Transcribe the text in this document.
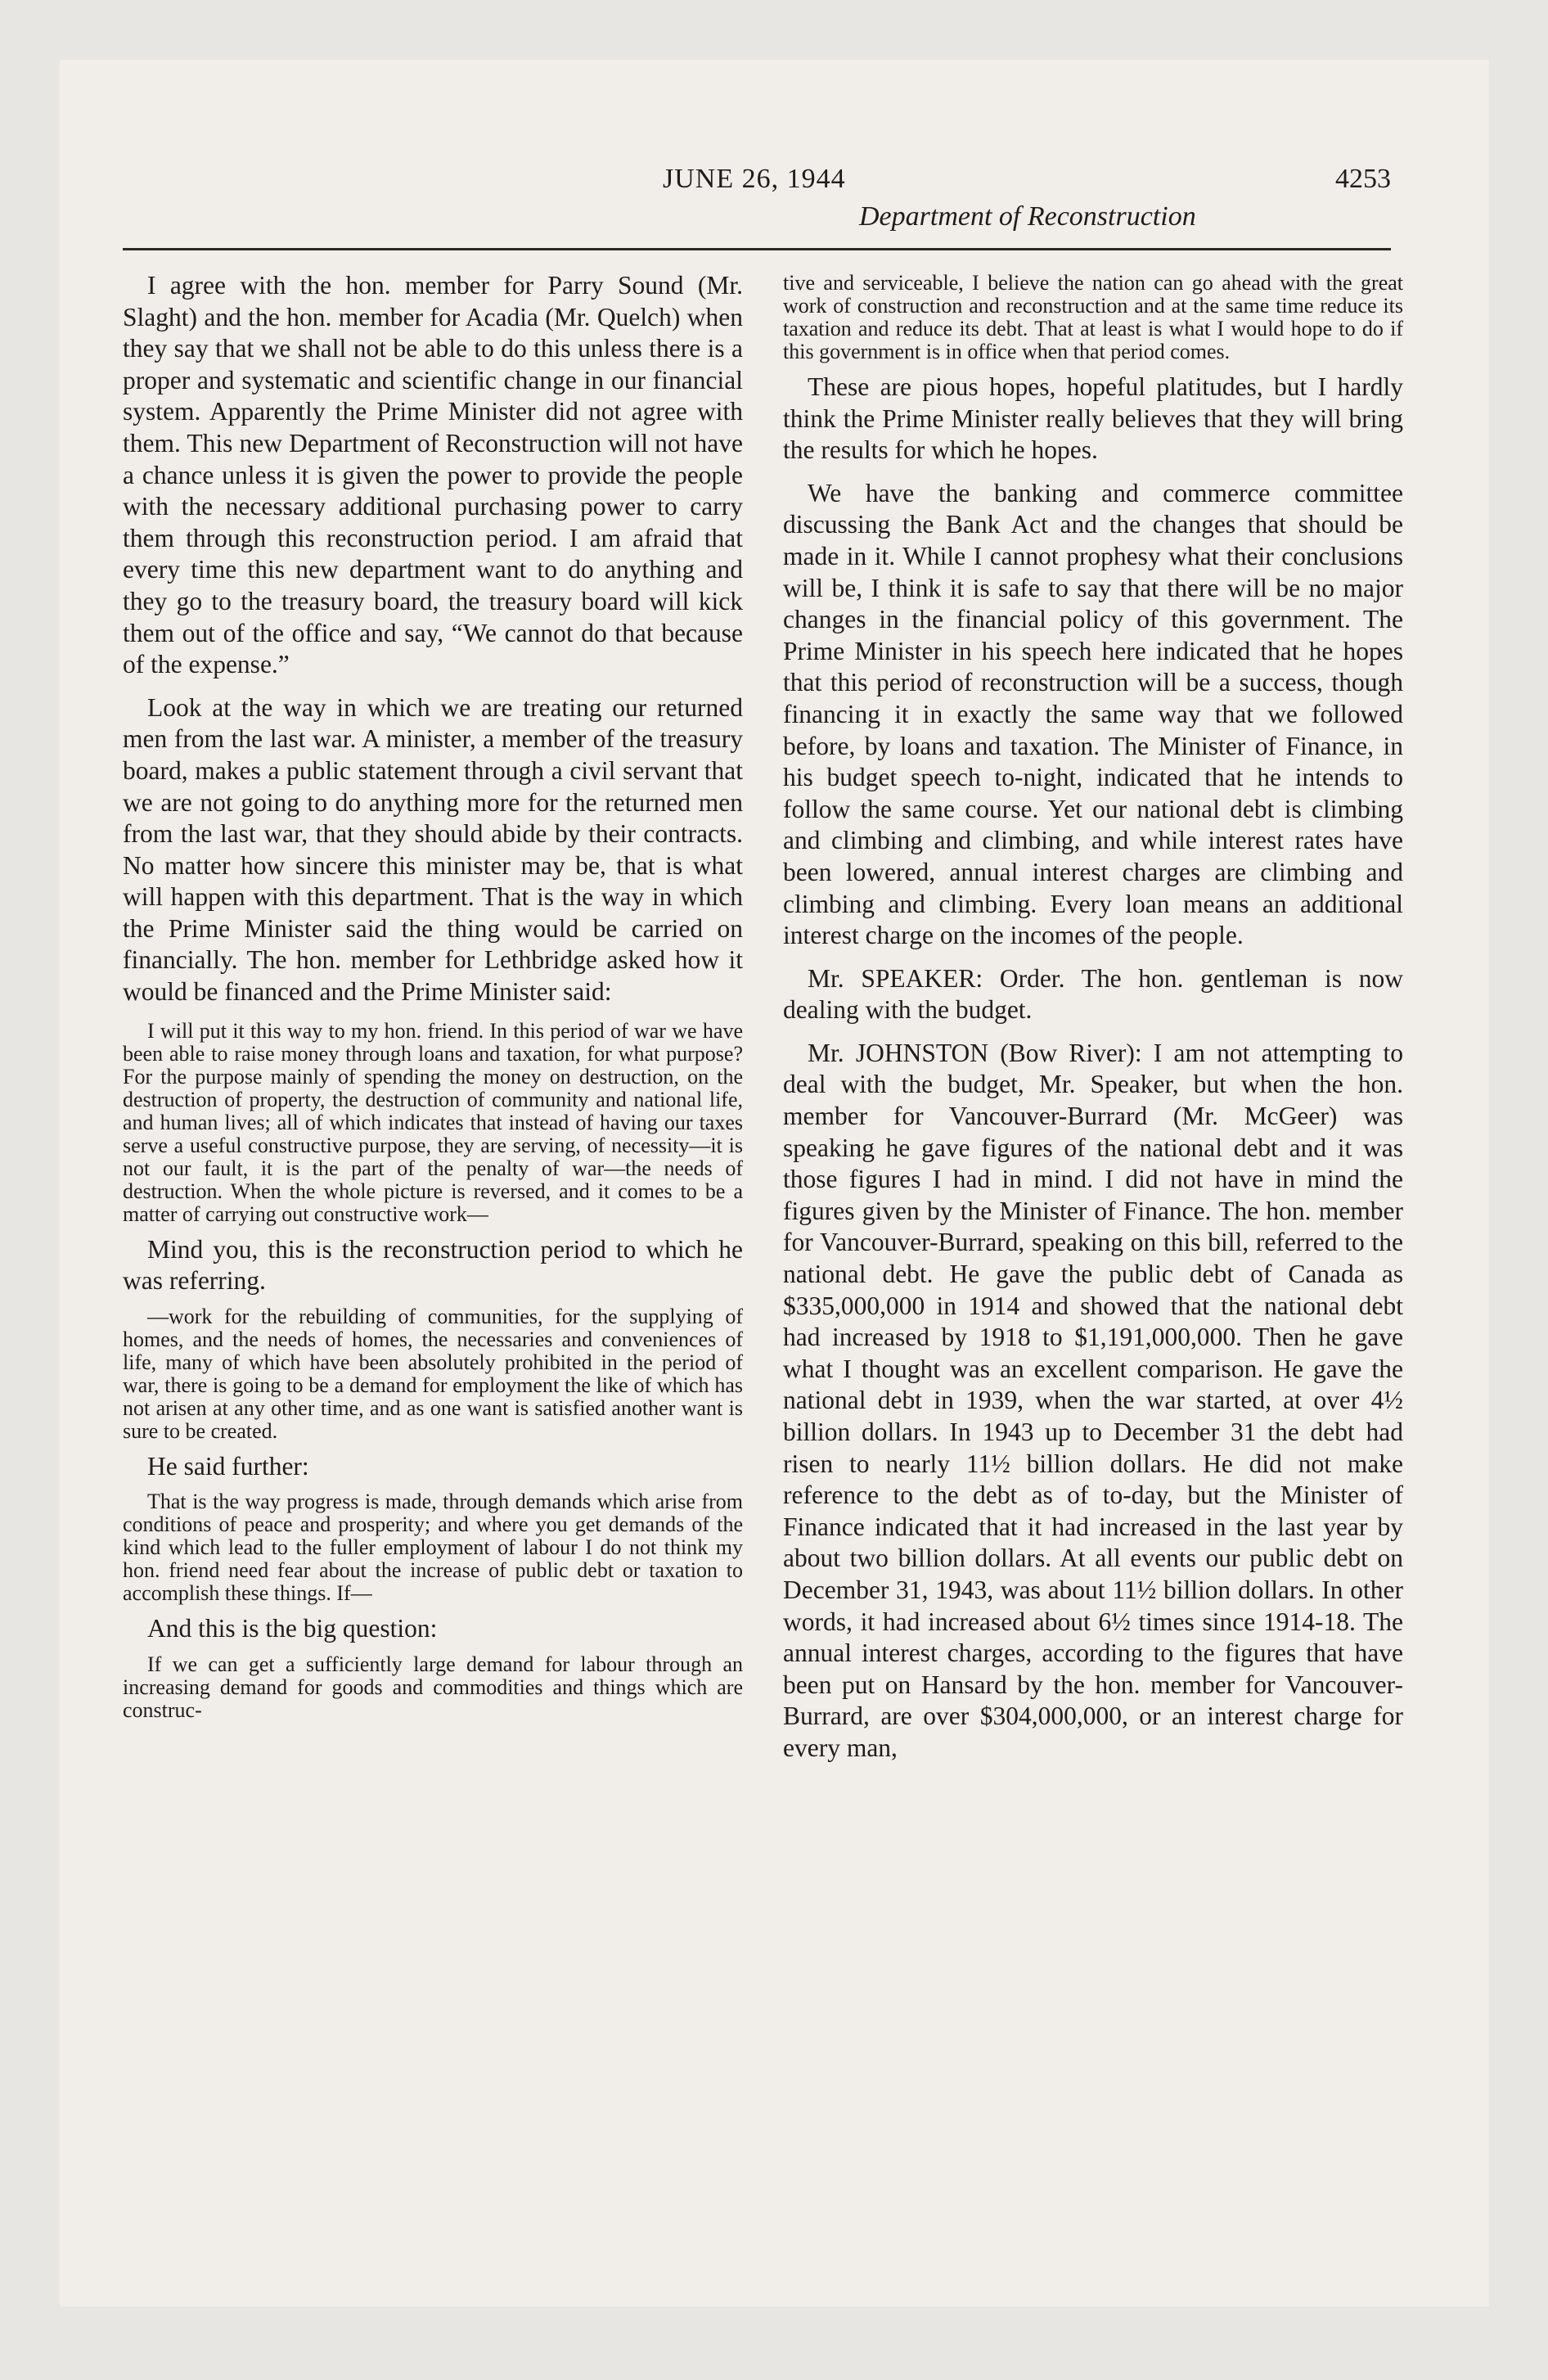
JUNE 26, 1944	4253
Department of Reconstruction

I agree with the hon. member for Parry Sound (Mr. Slaght) and the hon. member for Acadia (Mr. Quelch) when they say that we shall not be able to do this unless there is a proper and systematic and scientific change in our financial system. Apparently the Prime Minister did not agree with them. This new Department of Reconstruction will not have a chance unless it is given the power to provide the people with the necessary additional purchasing power to carry them through this reconstruction period. I am afraid that every time this new department want to do anything and they go to the treasury board, the treasury board will kick them out of the office and say, “We cannot do that because of the expense.”

Look at the way in which we are treating our returned men from the last war. A minister, a member of the treasury board, makes a public statement through a civil servant that we are not going to do anything more for the returned men from the last war, that they should abide by their contracts. No matter how sincere this minister may be, that is what will happen with this department. That is the way in which the Prime Minister said the thing would be carried on financially. The hon. member for Lethbridge asked how it would be financed and the Prime Minister said:

I will put it this way to my hon. friend. In this period of war we have been able to raise money through loans and taxation, for what purpose? For the purpose mainly of spending the money on destruction, on the destruction of property, the destruction of community and national life, and human lives; all of which indicates that instead of having our taxes serve a useful constructive purpose, they are serving, of necessity—it is not our fault, it is the part of the penalty of war—the needs of destruction. When the whole picture is reversed, and it comes to be a matter of carrying out constructive work—

Mind you, this is the reconstruction period to which he was referring.

—work for the rebuilding of communities, for the supplying of homes, and the needs of homes, the necessaries and conveniences of life, many of which have been absolutely prohibited in the period of war, there is going to be a demand for employment the like of which has not arisen at any other time, and as one want is satisfied another want is sure to be created.

He said further:

That is the way progress is made, through demands which arise from conditions of peace and prosperity; and where you get demands of the kind which lead to the fuller employment of labour I do not think my hon. friend need fear about the increase of public debt or taxation to accomplish these things. If—

And this is the big question:

If we can get a sufficiently large demand for labour through an increasing demand for goods and commodities and things which are construc-

tive and serviceable, I believe the nation can go ahead with the great work of construction and reconstruction and at the same time reduce its taxation and reduce its debt. That at least is what I would hope to do if this government is in office when that period comes.

These are pious hopes, hopeful platitudes, but I hardly think the Prime Minister really believes that they will bring the results for which he hopes.

We have the banking and commerce committee discussing the Bank Act and the changes that should be made in it. While I cannot prophesy what their conclusions will be, I think it is safe to say that there will be no major changes in the financial policy of this government. The Prime Minister in his speech here indicated that he hopes that this period of reconstruction will be a success, though financing it in exactly the same way that we followed before, by loans and taxation. The Minister of Finance, in his budget speech to-night, indicated that he intends to follow the same course. Yet our national debt is climbing and climbing and climbing, and while interest rates have been lowered, annual interest charges are climbing and climbing and climbing. Every loan means an additional interest charge on the incomes of the people.

Mr. SPEAKER: Order. The hon. gentleman is now dealing with the budget.

Mr. JOHNSTON (Bow River): I am not attempting to deal with the budget, Mr. Speaker, but when the hon. member for Vancouver-Burrard (Mr. McGeer) was speaking he gave figures of the national debt and it was those figures I had in mind. I did not have in mind the figures given by the Minister of Finance. The hon. member for Vancouver-Burrard, speaking on this bill, referred to the national debt. He gave the public debt of Canada as $335,000,000 in 1914 and showed that the national debt had increased by 1918 to $1,191,000,000. Then he gave what I thought was an excellent comparison. He gave the national debt in 1939, when the war started, at over 4½ billion dollars. In 1943 up to December 31 the debt had risen to nearly 11½ billion dollars. He did not make reference to the debt as of to-day, but the Minister of Finance indicated that it had increased in the last year by about two billion dollars. At all events our public debt on December 31, 1943, was about 11½ billion dollars. In other words, it had increased about 6½ times since 1914-18. The annual interest charges, according to the figures that have been put on Hansard by the hon. member for Vancouver-Burrard, are over $304,000,000, or an interest charge for every man,
